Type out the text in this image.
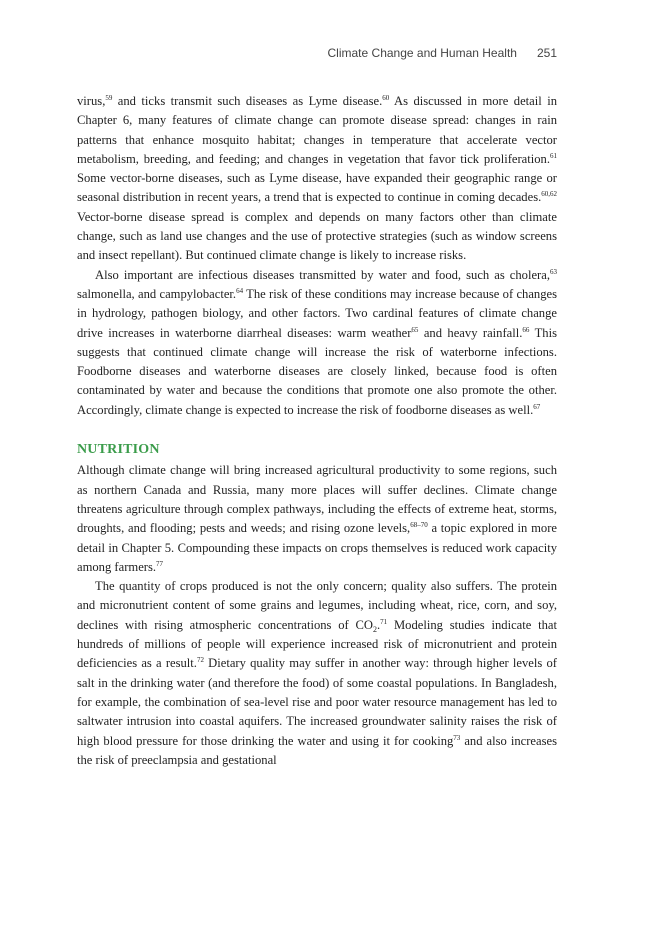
Climate Change and Human Health 251

virus,$^{59}$ and ticks transmit such diseases as Lyme disease.$^{60}$ As discussed in more detail in Chapter 6, many features of climate change can promote disease spread: changes in rain patterns that enhance mosquito habitat; changes in temperature that accelerate vector metabolism, breeding, and feeding; and changes in vegetation that favor tick proliferation.$^{61}$ Some vector-borne diseases, such as Lyme disease, have expanded their geographic range or seasonal distribution in recent years, a trend that is expected to continue in coming decades.$^{60,62}$ Vector-borne disease spread is complex and depends on many factors other than climate change, such as land use changes and the use of protective strategies (such as window screens and insect repellant). But continued climate change is likely to increase risks.

Also important are infectious diseases transmitted by water and food, such as cholera,$^{63}$ salmonella, and campylobacter.$^{64}$ The risk of these conditions may increase because of changes in hydrology, pathogen biology, and other factors. Two cardinal features of climate change drive increases in waterborne diarrheal diseases: warm weather$^{65}$ and heavy rainfall.$^{66}$ This suggests that continued climate change will increase the risk of waterborne infections. Foodborne diseases and waterborne diseases are closely linked, because food is often contaminated by water and because the conditions that promote one also promote the other. Accordingly, climate change is expected to increase the risk of foodborne diseases as well.$^{67}$

NUTRITION

Although climate change will bring increased agricultural productivity to some regions, such as northern Canada and Russia, many more places will suffer declines. Climate change threatens agriculture through complex pathways, including the effects of extreme heat, storms, droughts, and flooding; pests and weeds; and rising ozone levels,$^{68-70}$ a topic explored in more detail in Chapter 5. Compounding these impacts on crops themselves is reduced work capacity among farmers.$^{77}$

The quantity of crops produced is not the only concern; quality also suffers. The protein and micronutrient content of some grains and legumes, including wheat, rice, corn, and soy, declines with rising atmospheric concentrations of $CO_2.^{71}$ Modeling studies indicate that hundreds of millions of people will experience increased risk of micronutrient and protein deficiencies as a result.$^{72}$ Dietary quality may suffer in another way: through higher levels of salt in the drinking water (and therefore the food) of some coastal populations. In Bangladesh, for example, the combination of sea-level rise and poor water resource management has led to saltwater intrusion into coastal aquifers. The increased groundwater salinity raises the risk of high blood pressure for those drinking the water and using it for cooking$^{73}$ and also increases the risk of preeclampsia and gestational
